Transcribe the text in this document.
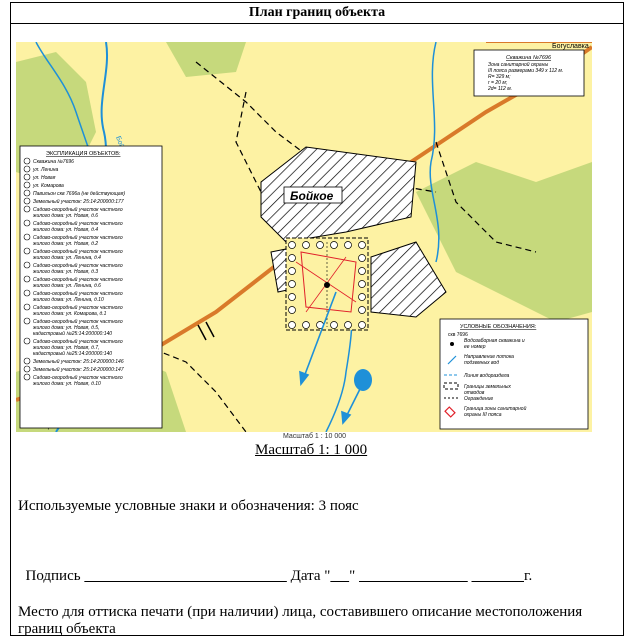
План границ объекта
Бойкое
Богуславка
Скважина №7696
Зона санитарной охраны
III пояса размерами 349 х 112 м.
R= 329 м;
r = 20 м;
2d= 112 м.
ЭКСПЛИКАЦИЯ ОБЪЕКТОВ:
Скважина №7696
ул. Ленина
ул. Новая
ул. Комарова
Павильон скв 7696а (не действующая)
Земельный участок: 25:14:200000:177
Садово-огородный участок частного
жилого дома: ул. Новая, д.6
Садово-огородный участок частного
жилого дома: ул. Новая, д.4
Садово-огородный участок частного
жилого дома: ул. Новая, д.2
Садово-огородный участок частного
жилого дома: ул. Ленина, д.4
Садово-огородный участок частного
жилого дома: ул. Новая, д.3
Садово-огородный участок частного
жилого дома: ул. Ленина, д.6
Садово-огородный участок частного
жилого дома: ул. Ленина, д.10
Садово-огородный участок частного
жилого дома: ул. Комарова, д.1
Садово-огородный участок частного
жилого дома: ул. Новая, д.5,
кадастровый №25:14:200000:140
Садово-огородный участок частного
жилого дома: ул. Новая, д.7,
кадастровый №25:14:200000:140
Земельный участок: 25:14:200000:146
Земельный участок: 25:14:200000:147
Садово-огородный участок частного
жилого дома: ул. Новая, д.10
УСЛОВНЫЕ ОБОЗНАЧЕНИЯ:
скв 7696
Водозаборная скважина и
ее номер
Направление потока
подземных вод
Линия водораздела
Границы земельных
отводов
Ограждение
Граница зоны санитарной
охраны III пояса
Масштаб 1 : 10 000
Масштаб 1: 1 000
Используемые условные знаки и обозначения: 3 пояс

Подпись	Дата " "	г.

Место для оттиска печати (при наличии) лица, составившего описание местоположения границ объекта
